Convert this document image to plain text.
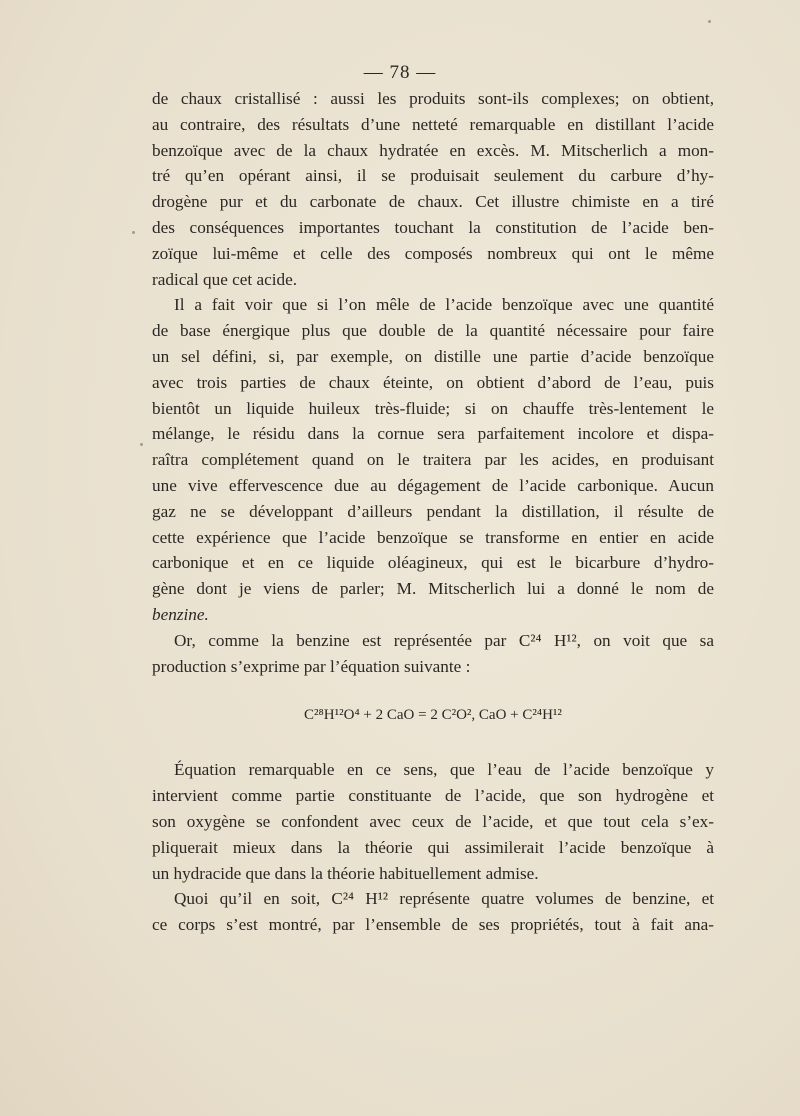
— 78 —
de chaux cristallisé : aussi les produits sont-ils complexes; on obtient,
au contraire, des résultats d’une netteté remarquable en distillant l’acide
benzoïque avec de la chaux hydratée en excès. M. Mitscherlich a mon-
tré qu’en opérant ainsi, il se produisait seulement du carbure d’hy-
drogène pur et du carbonate de chaux. Cet illustre chimiste en a tiré
des conséquences importantes touchant la constitution de l’acide ben-
zoïque lui-même et celle des composés nombreux qui ont le même
radical que cet acide.
Il a fait voir que si l’on mêle de l’acide benzoïque avec une quantité
de base énergique plus que double de la quantité nécessaire pour faire
un sel défini, si, par exemple, on distille une partie d’acide benzoïque
avec trois parties de chaux éteinte, on obtient d’abord de l’eau, puis
bientôt un liquide huileux très-fluide; si on chauffe très-lentement le
mélange, le résidu dans la cornue sera parfaitement incolore et dispa-
raîtra complétement quand on le traitera par les acides, en produisant
une vive effervescence due au dégagement de l’acide carbonique. Aucun
gaz ne se développant d’ailleurs pendant la distillation, il résulte de
cette expérience que l’acide benzoïque se transforme en entier en acide
carbonique et en ce liquide oléagineux, qui est le bicarbure d’hydro-
gène dont je viens de parler; M. Mitscherlich lui a donné le nom de
benzine.
Or, comme la benzine est représentée par C²⁴ H¹², on voit que sa
production s’exprime par l’équation suivante :
C²⁸H¹²O⁴ + 2 CaO = 2 C²O², CaO + C²⁴H¹²
Équation remarquable en ce sens, que l’eau de l’acide benzoïque y
intervient comme partie constituante de l’acide, que son hydrogène et
son oxygène se confondent avec ceux de l’acide, et que tout cela s’ex-
pliquerait mieux dans la théorie qui assimilerait l’acide benzoïque à
un hydracide que dans la théorie habituellement admise.
Quoi qu’il en soit, C²⁴ H¹² représente quatre volumes de benzine, et
ce corps s’est montré, par l’ensemble de ses propriétés, tout à fait ana-
